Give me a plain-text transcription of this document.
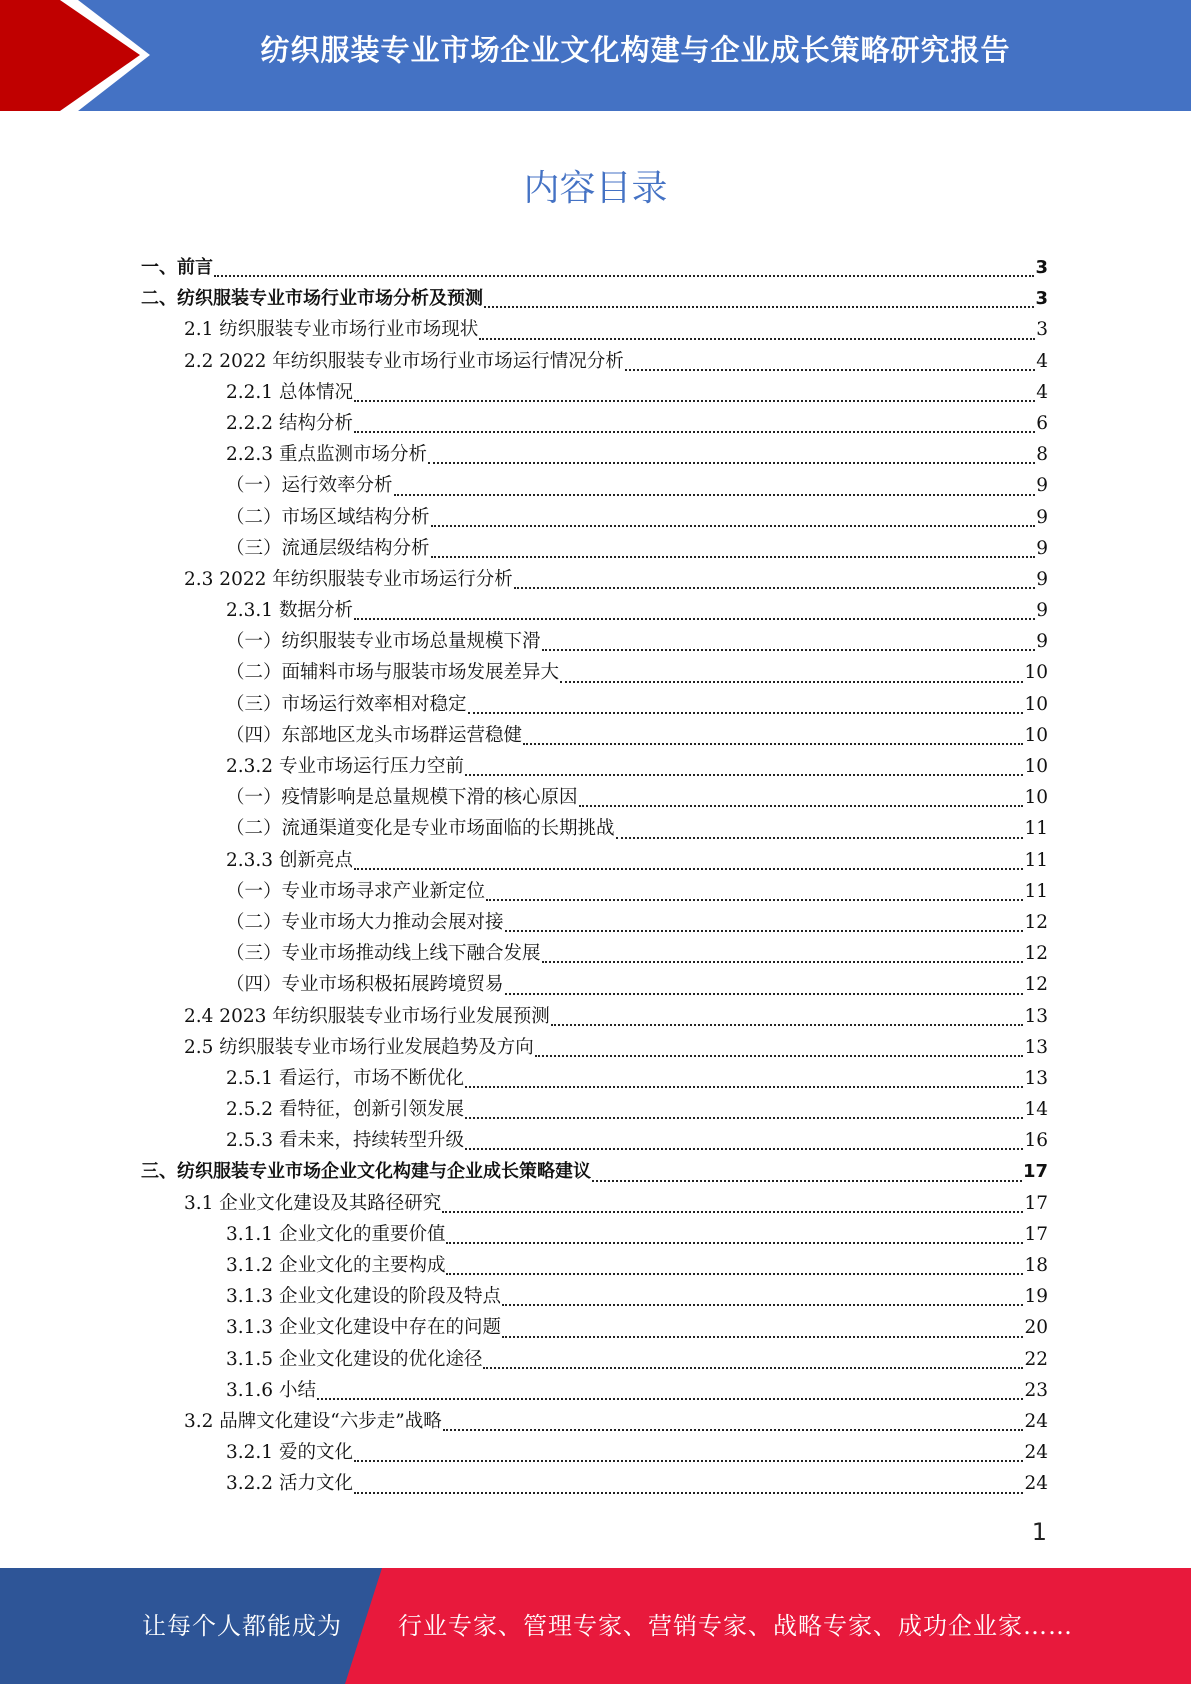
纺织服装专业市场企业文化构建与企业成长策略研究报告
内容目录
一、前言	3
二、纺织服装专业市场行业市场分析及预测	3
2.1 纺织服装专业市场行业市场现状	3
2.2 2022 年纺织服装专业市场行业市场运行情况分析	4
2.2.1 总体情况	4
2.2.2 结构分析	6
2.2.3 重点监测市场分析	8
（一）运行效率分析	9
（二）市场区域结构分析	9
（三）流通层级结构分析	9
2.3 2022 年纺织服装专业市场运行分析	9
2.3.1 数据分析	9
（一）纺织服装专业市场总量规模下滑	9
（二）面辅料市场与服装市场发展差异大	10
（三）市场运行效率相对稳定	10
（四）东部地区龙头市场群运营稳健	10
2.3.2 专业市场运行压力空前	10
（一）疫情影响是总量规模下滑的核心原因	10
（二）流通渠道变化是专业市场面临的长期挑战	11
2.3.3 创新亮点	11
（一）专业市场寻求产业新定位	11
（二）专业市场大力推动会展对接	12
（三）专业市场推动线上线下融合发展	12
（四）专业市场积极拓展跨境贸易	12
2.4 2023 年纺织服装专业市场行业发展预测	13
2.5 纺织服装专业市场行业发展趋势及方向	13
2.5.1 看运行，市场不断优化	13
2.5.2 看特征，创新引领发展	14
2.5.3 看未来，持续转型升级	16
三、纺织服装专业市场企业文化构建与企业成长策略建议	17
3.1 企业文化建设及其路径研究	17
3.1.1 企业文化的重要价值	17
3.1.2 企业文化的主要构成	18
3.1.3 企业文化建设的阶段及特点	19
3.1.3 企业文化建设中存在的问题	20
3.1.5 企业文化建设的优化途径	22
3.1.6 小结	23
3.2 品牌文化建设“六步走”战略	24
3.2.1 爱的文化	24
3.2.2 活力文化	24
1
让每个人都能成为 行业专家、管理专家、营销专家、战略专家、成功企业家……
